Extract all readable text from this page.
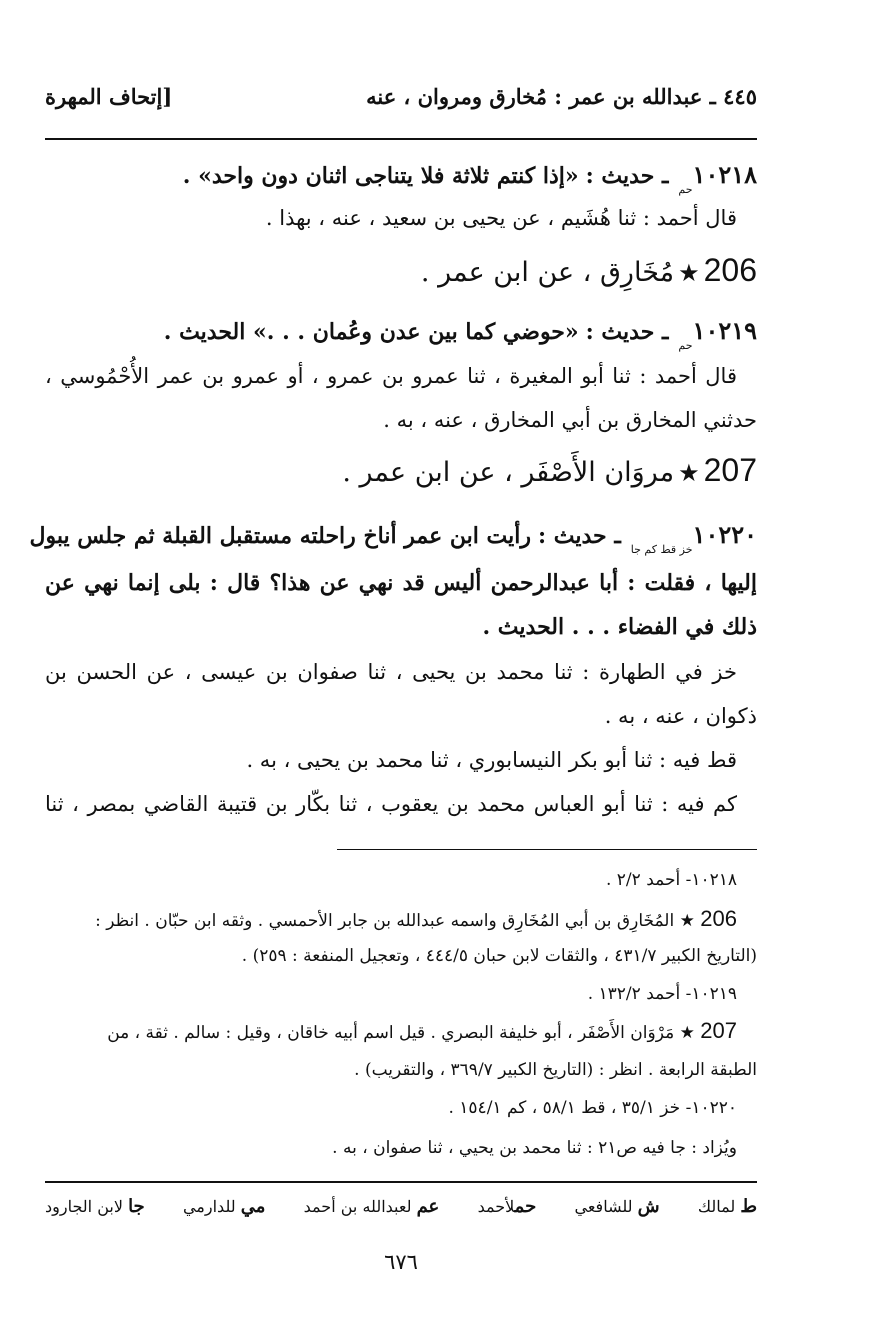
٤٤٥ ـ عبدالله بن عمر : مُخارق ومروان ، عنه
[إتحاف المهرة
$١٠٢١٨_{حم}$ ـ حديث : «إذا كنتم ثلاثة فلا يتناجى اثنان دون واحد» .
قال أحمد : ثنا هُشَيم ، عن يحيى بن سعيد ، عنه ، بهذا .
206★مُخَارِق ، عن ابن عمر .
$١٠٢١٩_{حم}$ ـ حديث : «حوضي كما بين عدن وعُمان . . .» الحديث .
قال أحمد : ثنا أبو المغيرة ، ثنا عمرو بن عمرو ، أو عمرو بن عمر الأُحْمُوسي ،
حدثني المخارق بن أبي المخارق ، عنه ، به .
207★مروَان الأَصْفَر ، عن ابن عمر .
$١٠٢٢٠_{خز قط كم جا}$ ـ حديث : رأيت ابن عمر أناخ راحلته مستقبل القبلة ثم جلس يبول
إليها ، فقلت : أبا عبدالرحمن أليس قد نهي عن هذا؟ قال : بلى إنما نهي عن
ذلك في الفضاء . . . الحديث .
خز في الطهارة : ثنا محمد بن يحيى ، ثنا صفوان بن عيسى ، عن الحسن بن
ذكوان ، عنه ، به .
قط فيه : ثنا أبو بكر النيسابوري ، ثنا محمد بن يحيى ، به .
كم فيه : ثنا أبو العباس محمد بن يعقوب ، ثنا بكّار بن قتيبة القاضي بمصر ، ثنا
١٠٢١٨- أحمد ٢/٢ .
206 ★ المُخَارِق بن أبي المُخَارِق واسمه عبدالله بن جابر الأحمسي . وثقه ابن حبّان . انظر :
(التاريخ الكبير ٤٣١/٧ ، والثقات لابن حبان ٤٤٤/٥ ، وتعجيل المنفعة : ٢٥٩) .
١٠٢١٩- أحمد ١٣٢/٢ .
207 ★ مَرْوَان الأَصْفَر ، أبو خليفة البصري . قيل اسم أبيه خاقان ، وقيل : سالم . ثقة ، من
الطبقة الرابعة . انظر : (التاريخ الكبير ٣٦٩/٧ ، والتقريب) .
١٠٢٢٠- خز ٣٥/١ ، قط ٥٨/١ ، كم ١٥٤/١ .
ويُزاد : جا فيه ص٢١ : ثنا محمد بن يحيي ، ثنا صفوان ، به .
ط لمالك
ش للشافعي
حملأحمد
عم لعبدالله بن أحمد
مي للدارمي
جا لابن الجارود
٦٧٦
